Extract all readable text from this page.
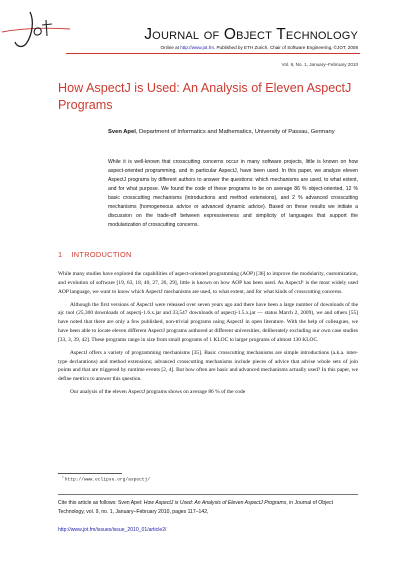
Journal of Object Technology
Online at http://www.jot.fm. Published by ETH Zurich, Chair of Software Engineering. ©JOT, 2008
Vol. 9, No. 1, January–February 2010
How AspectJ is Used: An Analysis of Eleven AspectJ Programs
Sven Apel, Department of Informatics and Mathematics, University of Passau, Germany

While it is well-known that crosscutting concerns occur in many software projects, little is known on how aspect-oriented programming, and in particular AspectJ, have been used. In this paper, we analyze eleven AspectJ programs by different authors to answer the questions: which mechanisms are used, to what extent, and for what purpose. We found the code of these programs to be on average 86 % object-oriented, 12 % basic crosscutting mechanisms (introductions and method extensions), and 2 % advanced crosscutting mechanisms (homogeneous advice or advanced dynamic advice). Based on these results we initiate a discussion on the trade-off between expressiveness and simplicity of languages that support the modularization of crosscutting concerns.

1 INTRODUCTION

While many studies have explored the capabilities of aspect-oriented programming (AOP) [36] to improve the modularity, customization, and evolution of software [19, 63, 18, 40, 27, 26, 29], little is known on how AOP has been used. As AspectJ¹ is the most widely used AOP language, we want to know which AspectJ mechanisms are used, to what extent, and for what kinds of crosscutting concerns.

Although the first versions of AspectJ were released over seven years ago and there have been a large number of downloads of the ajc tool (25,300 downloads of aspectj-1.6.x.jar and 33,547 downloads of aspectj-1.5.x.jar — status March 2, 2009), we and others [55] have noted that there are only a few published, non-trivial programs using AspectJ in open literature. With the help of colleagues, we have been able to locate eleven different AspectJ programs authored at different universities, deliberately excluding our own case studies [33, 3, 39, 42]. These programs range in size from small programs of 1 KLOC to larger programs of almost 130 KLOC.

AspectJ offers a variety of programming mechanisms [35]. Basic crosscutting mechanisms are simple introductions (a.k.a. inter-type declarations) and method extensions; advanced crosscutting mechanisms include pieces of advice that advise whole sets of join points and that are triggered by runtime events [2, 4]. But how often are basic and advanced mechanisms actually used? In this paper, we define metrics to answer this question.

Our analysis of the eleven AspectJ programs shows on average 86 % of the code

$^1$http://www.eclipse.org/aspectj/
Cite this article as follows: Sven Apel: How AspectJ is Used: An Analysis of Eleven AspectJ Programs, in Journal of Object Technology, vol. 9, no. 1, January–February 2010, pages 117–142,
http://www.jot.fm/issues/issue_2010_01/article2/
